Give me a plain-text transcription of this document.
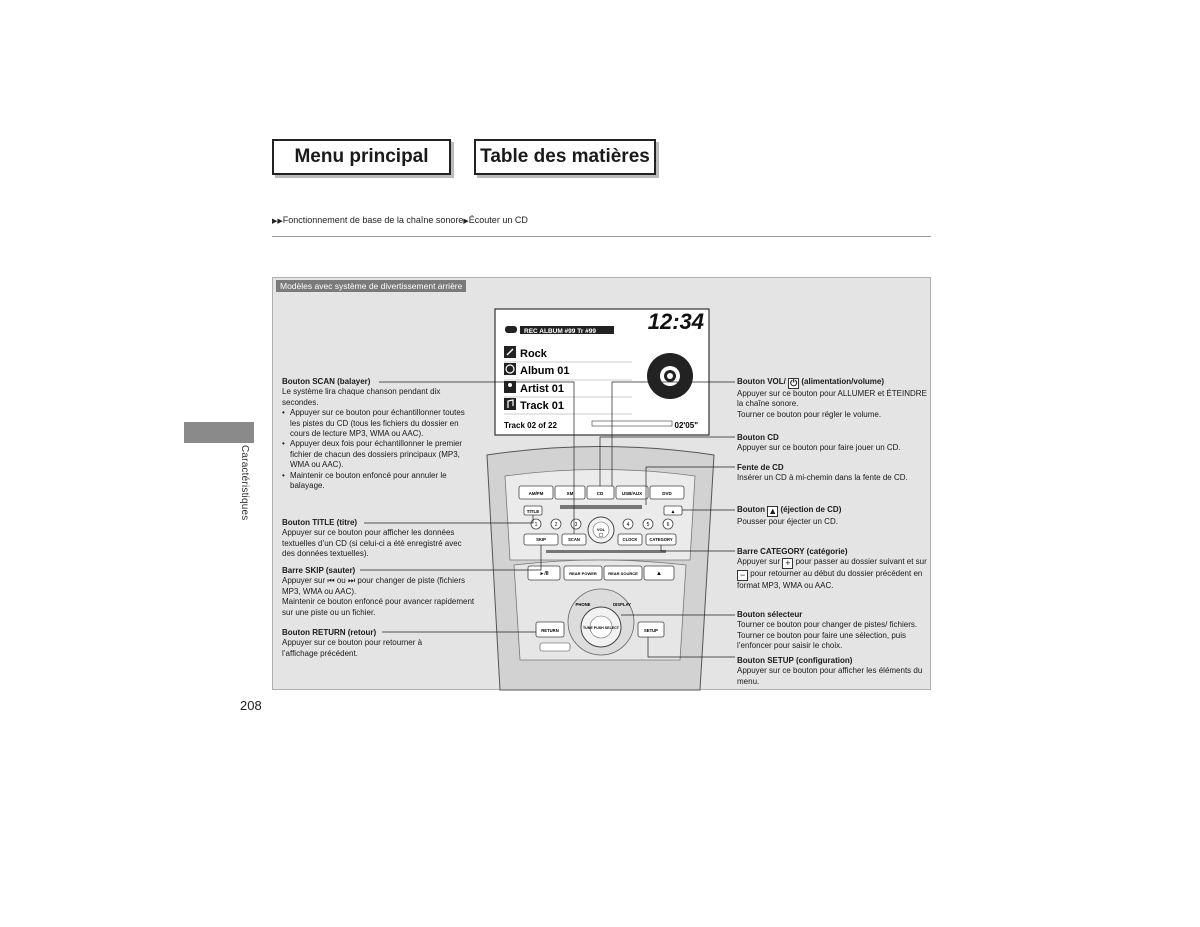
Menu principal	Table des matières
▶▶Fonctionnement de base de la chaîne sonore▶Écouter un CD
Caractéristiques
Modèles avec système de divertissement arrière
REC ALBUM #99 Tr #99 12:34
Rock
Album 01
Artist 01
Track 01
Track 02 of 22	02'05"
AM/FM	XM	CD	USB/AUX	DVD
TITLE	▲
1	2	3	4	5	6
VOL
SKIP	SCAN	CLOCK	CATEGORY
►/II	REAR POWER	REAR SOURCE	▲
PHONE	DISPLAY
TUNE PUSH SELECT
RETURN	SETUP
Bouton SCAN (balayer)
Le système lira chaque chanson pendant dix secondes.
• Appuyer sur ce bouton pour échantillonner toutes les pistes du CD (tous les fichiers du dossier en cours de lecture MP3, WMA ou AAC).
• Appuyer deux fois pour échantillonner le premier fichier de chacun des dossiers principaux (MP3, WMA ou AAC).
• Maintenir ce bouton enfoncé pour annuler le balayage.
Bouton TITLE (titre)
Appuyer sur ce bouton pour afficher les données textuelles d’un CD (si celui-ci a été enregistré avec des données textuelles).
Barre SKIP (sauter)
Appuyer sur ⏮ ou ⏭ pour changer de piste (fichiers MP3, WMA ou AAC).
Maintenir ce bouton enfoncé pour avancer rapidement sur une piste ou un fichier.
Bouton RETURN (retour)
Appuyer sur ce bouton pour retourner à l’affichage précédent.
Bouton VOL/ ⏻ (alimentation/volume)
Appuyer sur ce bouton pour ALLUMER et ÉTEINDRE la chaîne sonore.
Tourner ce bouton pour régler le volume.
Bouton CD
Appuyer sur ce bouton pour faire jouer un CD.
Fente de CD
Insérer un CD à mi-chemin dans la fente de CD.
Bouton ▲ (éjection de CD)
Pousser pour éjecter un CD.
Barre CATEGORY (catégorie)
Appuyer sur + pour passer au dossier suivant et sur − pour retourner au début du dossier précédent en format MP3, WMA ou AAC.
Bouton sélecteur
Tourner ce bouton pour changer de pistes/ fichiers. Tourner ce bouton pour faire une sélection, puis l’enfoncer pour saisir le choix.
Bouton SETUP (configuration)
Appuyer sur ce bouton pour afficher les éléments du menu.
208
